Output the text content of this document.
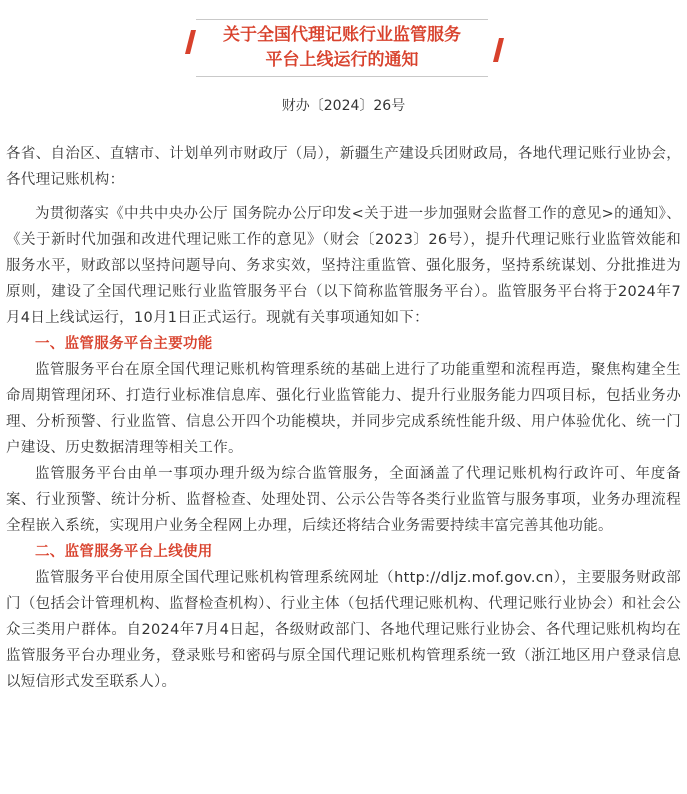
关于全国代理记账行业监管服务
平台上线运行的通知
财办〔2024〕26号

各省、自治区、直辖市、计划单列市财政厅（局），新疆生产建设兵团财政局，各地代理记账行业协会，各代理记账机构：

为贯彻落实《中共中央办公厅 国务院办公厅印发<关于进一步加强财会监督工作的意见>的通知》、《关于新时代加强和改进代理记账工作的意见》（财会〔2023〕26号），提升代理记账行业监管效能和服务水平，财政部以坚持问题导向、务求实效，坚持注重监管、强化服务，坚持系统谋划、分批推进为原则，建设了全国代理记账行业监管服务平台（以下简称监管服务平台）。监管服务平台将于2024年7月4日上线试运行，10月1日正式运行。现就有关事项通知如下：

一、监管服务平台主要功能

监管服务平台在原全国代理记账机构管理系统的基础上进行了功能重塑和流程再造，聚焦构建全生命周期管理闭环、打造行业标准信息库、强化行业监管能力、提升行业服务能力四项目标，包括业务办理、分析预警、行业监管、信息公开四个功能模块，并同步完成系统性能升级、用户体验优化、统一门户建设、历史数据清理等相关工作。

监管服务平台由单一事项办理升级为综合监管服务，全面涵盖了代理记账机构行政许可、年度备案、行业预警、统计分析、监督检查、处理处罚、公示公告等各类行业监管与服务事项，业务办理流程全程嵌入系统，实现用户业务全程网上办理，后续还将结合业务需要持续丰富完善其他功能。

二、监管服务平台上线使用

监管服务平台使用原全国代理记账机构管理系统网址（http://dljz.mof.gov.cn），主要服务财政部门（包括会计管理机构、监督检查机构）、行业主体（包括代理记账机构、代理记账行业协会）和社会公众三类用户群体。自2024年7月4日起，各级财政部门、各地代理记账行业协会、各代理记账机构均在监管服务平台办理业务，登录账号和密码与原全国代理记账机构管理系统一致（浙江地区用户登录信息以短信形式发至联系人）。
